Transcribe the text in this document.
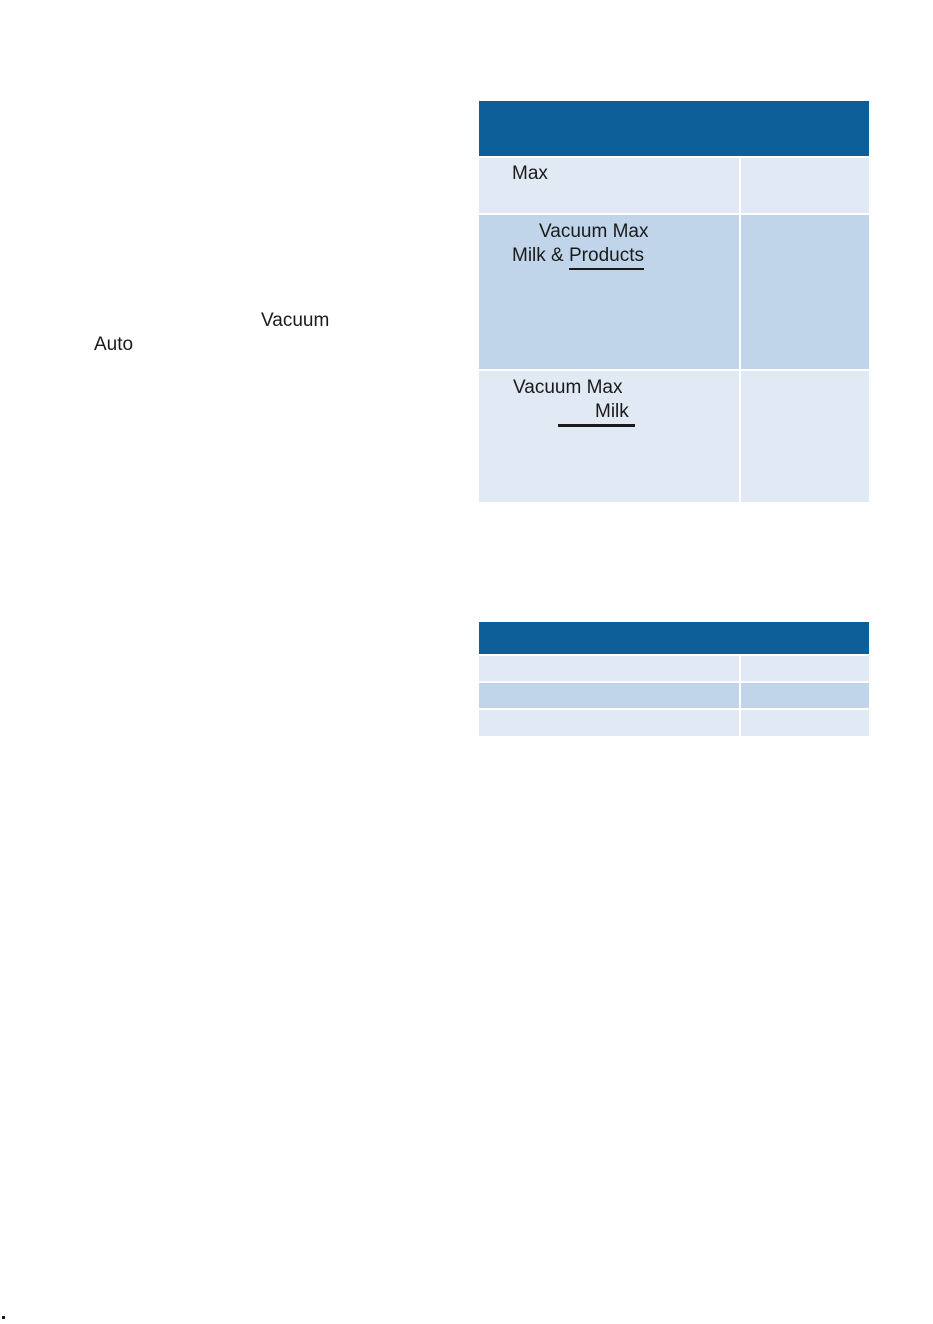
Vacuum
Auto
Max
Vacuum Max
Milk & Products
Vacuum Max
Milk
